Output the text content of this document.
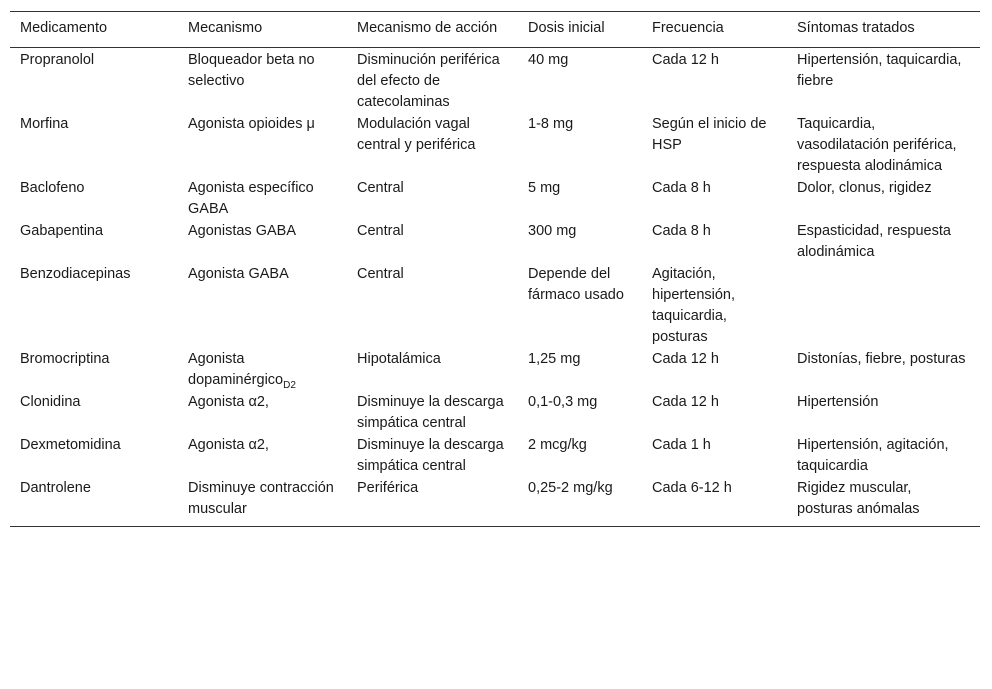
Medicamento	Mecanismo	Mecanismo de acción	Dosis inicial	Frecuencia	Síntomas tratados
Propranolol	Bloqueador beta no selectivo	Disminución periférica del efecto de catecolaminas	40 mg	Cada 12 h	Hipertensión, taquicardia, fiebre
Morfina	Agonista opioides μ	Modulación vagal central y periférica	1-8 mg	Según el inicio de HSP	Taquicardia, vasodilatación periférica, respuesta alodinámica
Baclofeno	Agonista específico GABA	Central	5 mg	Cada 8 h	Dolor, clonus, rigidez
Gabapentina	Agonistas GABA	Central	300 mg	Cada 8 h	Espasticidad, respuesta alodinámica
Benzodiacepinas	Agonista GABA	Central	Depende del fármaco usado	Agitación, hipertensión, taquicardia, posturas	
Bromocriptina	Agonista dopaminérgico$_{D2}$	Hipotalámica	1,25 mg	Cada 12 h	Distonías, fiebre, posturas
Clonidina	Agonista α2,	Disminuye la descarga simpática central	0,1-0,3 mg	Cada 12 h	Hipertensión
Dexmetomidina	Agonista α2,	Disminuye la descarga simpática central	2 mcg/kg	Cada 1 h	Hipertensión, agitación, taquicardia
Dantrolene	Disminuye contracción muscular	Periférica	0,25-2 mg/kg	Cada 6-12 h	Rigidez muscular, posturas anómalas
